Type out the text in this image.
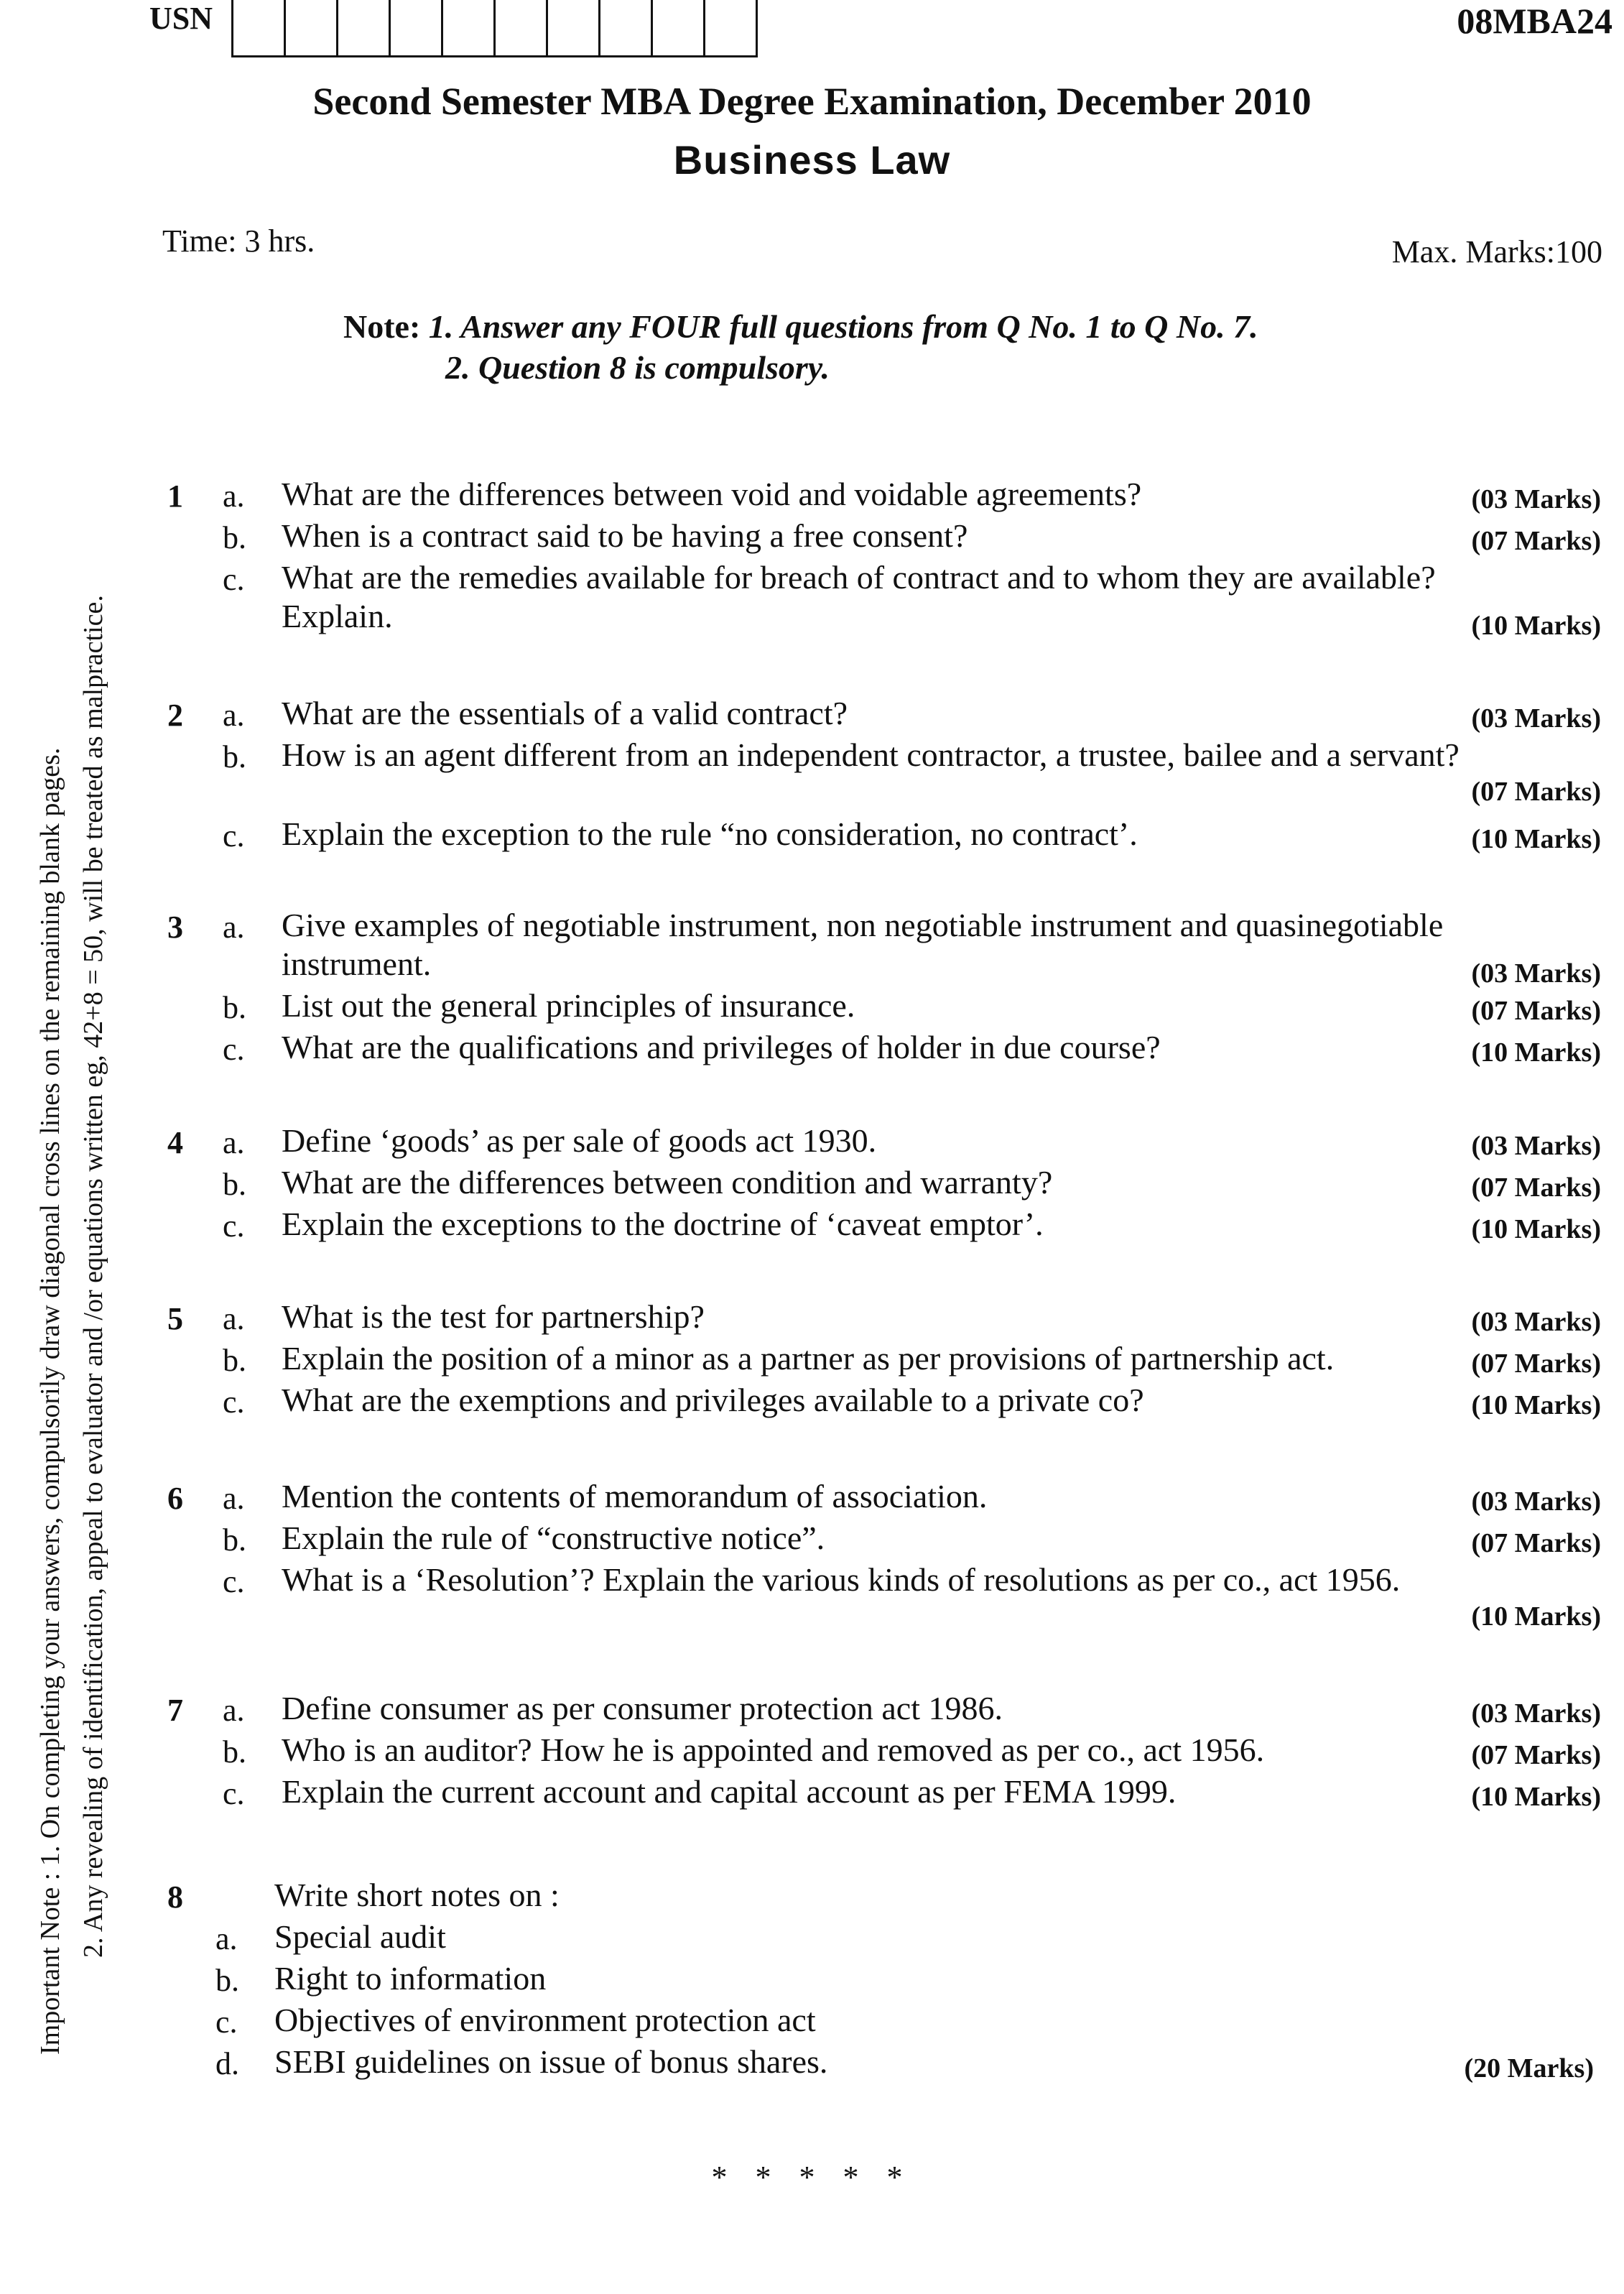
USN	08MBA24
Second Semester MBA Degree Examination, December 2010
Business Law
Time: 3 hrs.	Max. Marks:100
Note: 1. Answer any FOUR full questions from Q No. 1 to Q No. 7.
2. Question 8 is compulsory.
Important Note : 1. On completing your answers, compulsorily draw diagonal cross lines on the remaining blank pages. 2. Any revealing of identification, appeal to evaluator and /or equations written eg, 42+8 = 50, will be treated as malpractice.
1 a. What are the differences between void and voidable agreements?	(03 Marks)
b. When is a contract said to be having a free consent?	(07 Marks)
c. What are the remedies available for breach of contract and to whom they are available?
Explain.	(10 Marks)
2 a. What are the essentials of a valid contract?	(03 Marks)
b. How is an agent different from an independent contractor, a trustee, bailee and a servant?
(07 Marks)
c. Explain the exception to the rule “no consideration, no contract’.	(10 Marks)
3 a. Give examples of negotiable instrument, non negotiable instrument and quasinegotiable
instrument.	(03 Marks)
b. List out the general principles of insurance.	(07 Marks)
c. What are the qualifications and privileges of holder in due course?	(10 Marks)
4 a. Define ‘goods’ as per sale of goods act 1930.	(03 Marks)
b. What are the differences between condition and warranty?	(07 Marks)
c. Explain the exceptions to the doctrine of ‘caveat emptor’.	(10 Marks)
5 a. What is the test for partnership?	(03 Marks)
b. Explain the position of a minor as a partner as per provisions of partnership act.	(07 Marks)
c. What are the exemptions and privileges available to a private co?	(10 Marks)
6 a. Mention the contents of memorandum of association.	(03 Marks)
b. Explain the rule of “constructive notice”.	(07 Marks)
c. What is a ‘Resolution’? Explain the various kinds of resolutions as per co., act 1956.
(10 Marks)
7 a. Define consumer as per consumer protection act 1986.	(03 Marks)
b. Who is an auditor? How he is appointed and removed as per co., act 1956.	(07 Marks)
c. Explain the current account and capital account as per FEMA 1999.	(10 Marks)
8	Write short notes on :
a. Special audit
b. Right to information
c. Objectives of environment protection act
d. SEBI guidelines on issue of bonus shares.	(20 Marks)
* * * * *
